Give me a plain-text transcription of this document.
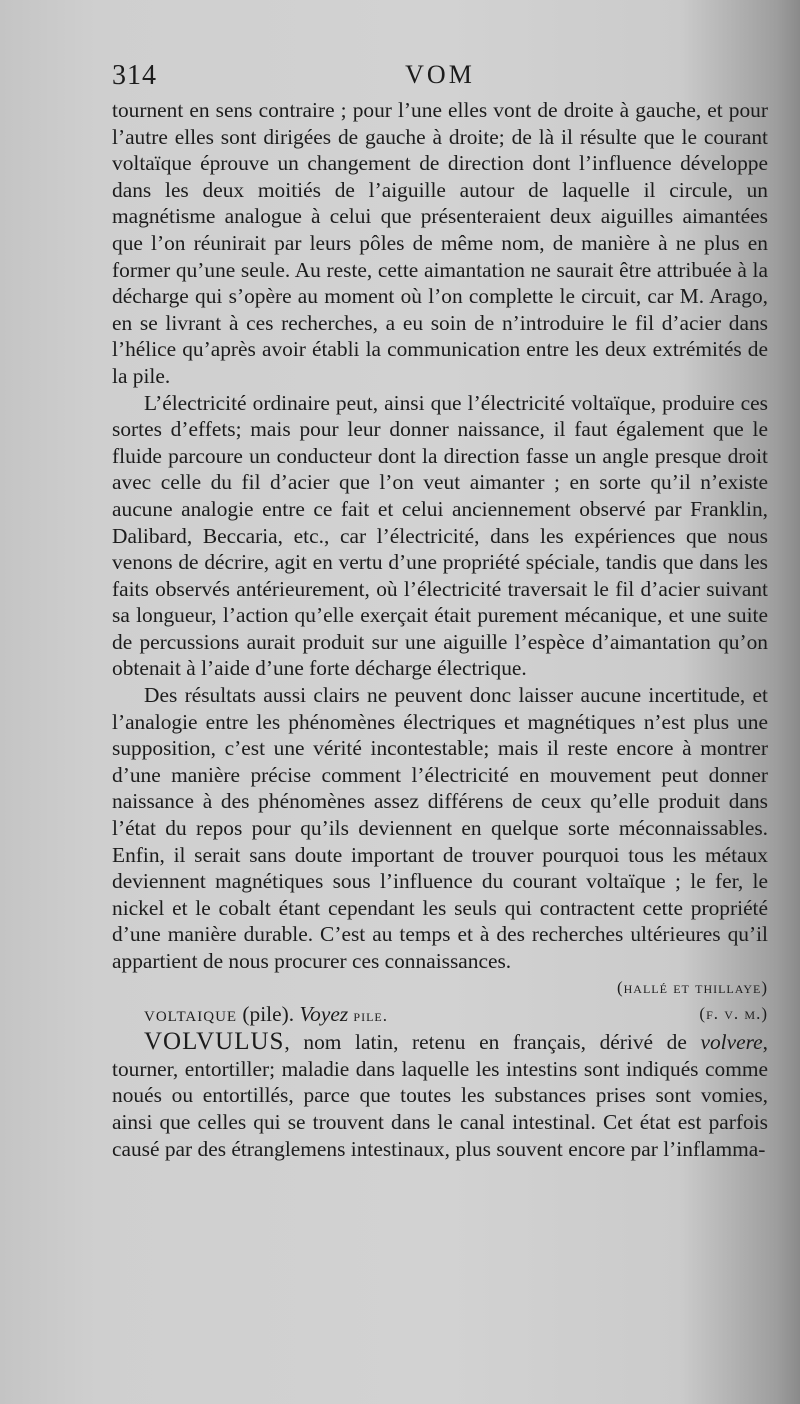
314	VOM

tournent en sens contraire ; pour l’une elles vont de droite à gauche, et pour l’autre elles sont dirigées de gauche à droite; de là il résulte que le courant voltaïque éprouve un changement de direction dont l’influence développe dans les deux moitiés de l’aiguille autour de laquelle il circule, un magnétisme analogue à celui que présenteraient deux aiguilles aimantées que l’on réunirait par leurs pôles de même nom, de manière à ne plus en former qu’une seule. Au reste, cette aimantation ne saurait être attribuée à la décharge qui s’opère au moment où l’on complette le circuit, car M. Arago, en se livrant à ces recherches, a eu soin de n’introduire le fil d’acier dans l’hélice qu’après avoir établi la communication entre les deux extrémités de la pile.

L’électricité ordinaire peut, ainsi que l’électricité voltaïque, produire ces sortes d’effets; mais pour leur donner naissance, il faut également que le fluide parcoure un conducteur dont la direction fasse un angle presque droit avec celle du fil d’acier que l’on veut aimanter ; en sorte qu’il n’existe aucune analogie entre ce fait et celui anciennement observé par Franklin, Dalibard, Beccaria, etc., car l’électricité, dans les expériences que nous venons de décrire, agit en vertu d’une propriété spéciale, tandis que dans les faits observés antérieurement, où l’électricité traversait le fil d’acier suivant sa longueur, l’action qu’elle exerçait était purement mécanique, et une suite de percussions aurait produit sur une aiguille l’espèce d’aimantation qu’on obtenait à l’aide d’une forte décharge électrique.

Des résultats aussi clairs ne peuvent donc laisser aucune incertitude, et l’analogie entre les phénomènes électriques et magnétiques n’est plus une supposition, c’est une vérité incontestable; mais il reste encore à montrer d’une manière précise comment l’électricité en mouvement peut donner naissance à des phénomènes assez différens de ceux qu’elle produit dans l’état du repos pour qu’ils deviennent en quelque sorte méconnaissables. Enfin, il serait sans doute important de trouver pourquoi tous les métaux deviennent magnétiques sous l’influence du courant voltaïque ; le fer, le nickel et le cobalt étant cependant les seuls qui contractent cette propriété d’une manière durable. C’est au temps et à des recherches ultérieures qu’il appartient de nous procurer ces connaissances.

(hallé et thillaye)
voltaique (pile). Voyez pile.	(f. v. m.)

VOLVULUS, nom latin, retenu en français, dérivé de volvere, tourner, entortiller; maladie dans laquelle les intestins sont indiqués comme noués ou entortillés, parce que toutes les substances prises sont vomies, ainsi que celles qui se trouvent dans le canal intestinal. Cet état est parfois causé par des étranglemens intestinaux, plus souvent encore par l’inflamma-
